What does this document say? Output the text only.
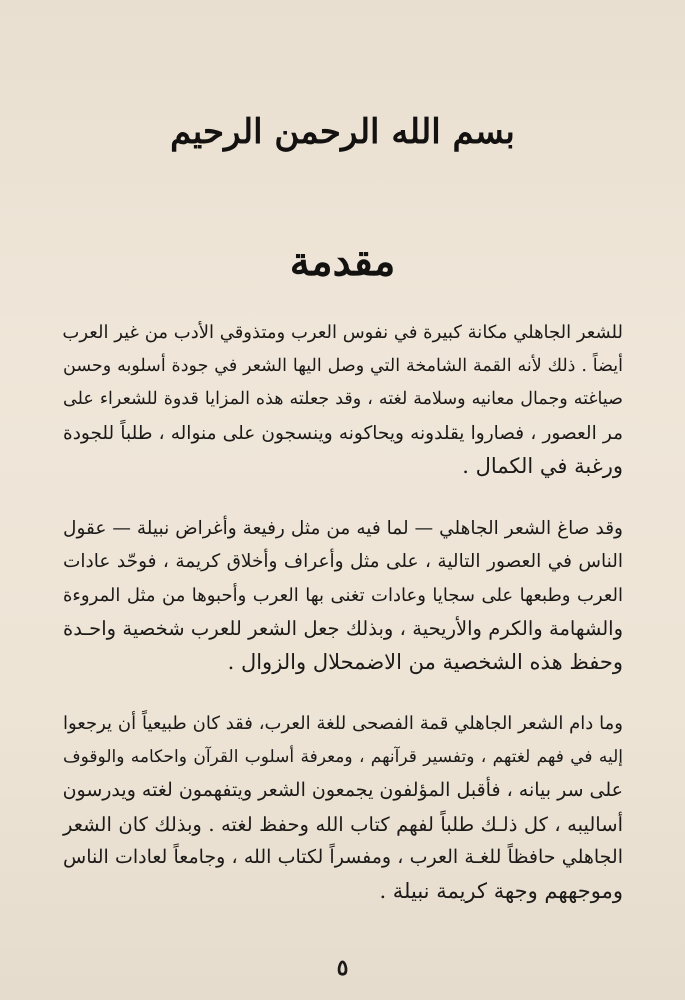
⁠ ⁠ ⁠ ⁠ ⁠ ⁠ ⁠ ⁠ ⁠ ⁠ ⁠ ⁠ ⁠ ⁠ ⁠ ⁠ ⁠ ⁠ ⁠ ⁠ ⁠ ⁠ ⁠ ⁠ ⁠ ⁠ ⁠ ⁠ ⁠ ⁠ ⁠ ⁠ ⁠ ⁠ ⁠ ⁠ ⁠ ⁠ ⁠ ⁠
بسم الله الرحمن الرحيم
مقدمة
للشعر الجاهلي مكانة كبيرة في نفوس العرب ومتذوقي الأدب من غير العرب
أيضاً . ذلك لأنه القمة الشامخة التي وصل اليها الشعر في جودة أسلوبه وحسن
صياغته وجمال معانيه وسلامة لغته ، وقد جعلته هذه المزايا قدوة للشعراء على
مر العصور ، فصاروا يقلدونه ويحاكونه وينسجون على منواله ، طلباً للجودة
ورغبة في الكمال .
وقد صاغ الشعر الجاهلي — لما فيه من مثل رفيعة وأغراض نبيلة — عقول
الناس في العصور التالية ، على مثل وأعراف وأخلاق كريمة ، فوحّد عادات
العرب وطبعها على سجايا وعادات تغنى بها العرب وأحبوها من مثل المروءة
والشهامة والكرم والأريحية ، وبذلك جعل الشعر للعرب شخصية واحـدة
وحفظ هذه الشخصية من الاضمحلال والزوال .
وما دام الشعر الجاهلي قمة الفصحى للغة العرب، فقد كان طبيعياً أن يرجعوا
إليه في فهم لغتهم ، وتفسير قرآنهم ، ومعرفة أسلوب القرآن واحكامه والوقوف
على سر بيانه ، فأقبل المؤلفون يجمعون الشعر ويتفهمون لغته ويدرسون
أساليبه ، كل ذلـك طلباً لفهم كتاب الله وحفظ لغته . وبذلك كان الشعر
الجاهلي حافظاً للغـة العرب ، ومفسراً لكتاب الله ، وجامعاً لعادات الناس
وموجههم وجهة كريمة نبيلة .
٥
